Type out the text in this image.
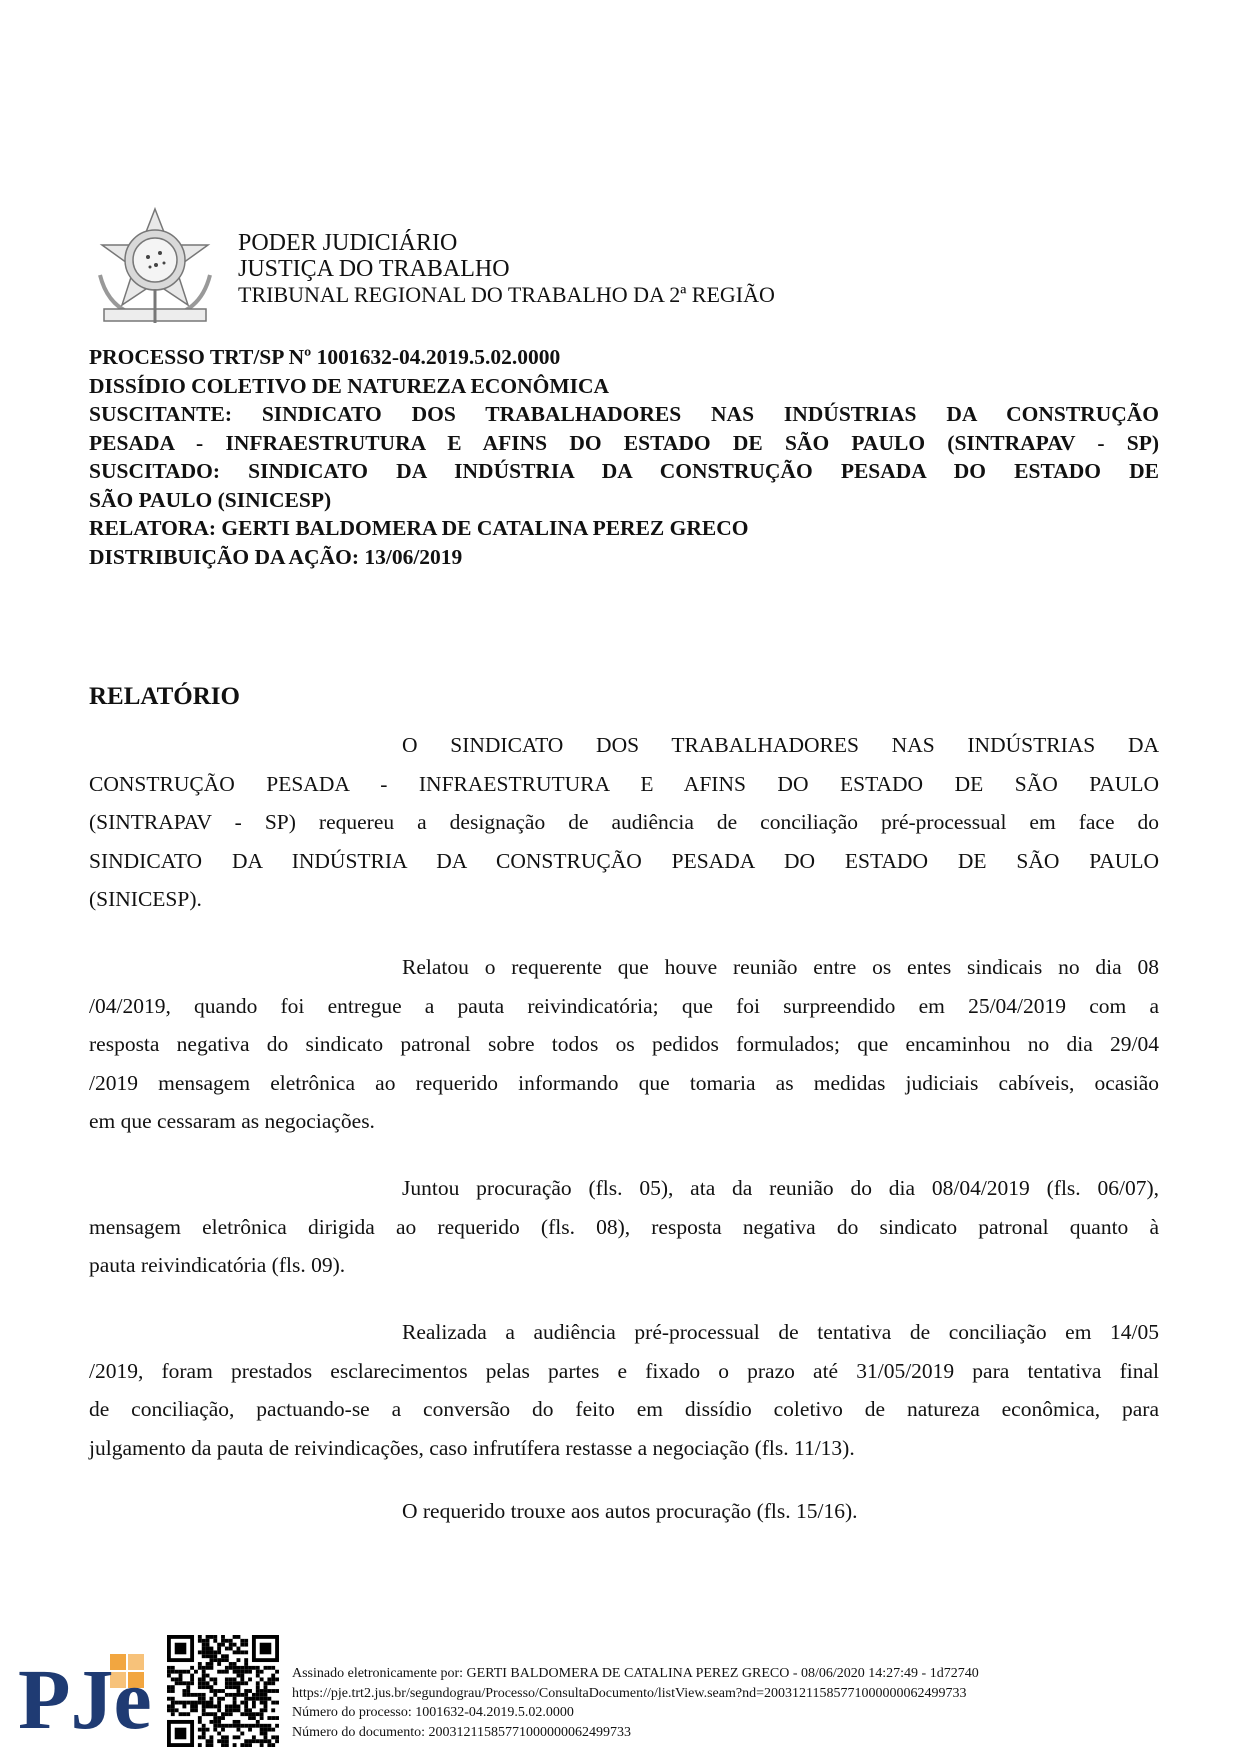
PODER JUDICIÁRIO
JUSTIÇA DO TRABALHO
TRIBUNAL REGIONAL DO TRABALHO DA 2ª REGIÃO
PROCESSO TRT/SP Nº 1001632-04.2019.5.02.0000
DISSÍDIO COLETIVO DE NATUREZA ECONÔMICA
SUSCITANTE: SINDICATO DOS TRABALHADORES NAS INDÚSTRIAS DA CONSTRUÇÃO
PESADA - INFRAESTRUTURA E AFINS DO ESTADO DE SÃO PAULO (SINTRAPAV - SP)
SUSCITADO: SINDICATO DA INDÚSTRIA DA CONSTRUÇÃO PESADA DO ESTADO DE
SÃO PAULO (SINICESP)
RELATORA: GERTI BALDOMERA DE CATALINA PEREZ GRECO
DISTRIBUIÇÃO DA AÇÃO: 13/06/2019
RELATÓRIO
O SINDICATO DOS TRABALHADORES NAS INDÚSTRIAS DA
CONSTRUÇÃO PESADA - INFRAESTRUTURA E AFINS DO ESTADO DE SÃO PAULO
(SINTRAPAV - SP) requereu a designação de audiência de conciliação pré-processual em face do
SINDICATO DA INDÚSTRIA DA CONSTRUÇÃO PESADA DO ESTADO DE SÃO PAULO
(SINICESP).
Relatou o requerente que houve reunião entre os entes sindicais no dia 08
/04/2019, quando foi entregue a pauta reivindicatória; que foi surpreendido em 25/04/2019 com a
resposta negativa do sindicato patronal sobre todos os pedidos formulados; que encaminhou no dia 29/04
/2019 mensagem eletrônica ao requerido informando que tomaria as medidas judiciais cabíveis, ocasião
em que cessaram as negociações.
Juntou procuração (fls. 05), ata da reunião do dia 08/04/2019 (fls. 06/07),
mensagem eletrônica dirigida ao requerido (fls. 08), resposta negativa do sindicato patronal quanto à
pauta reivindicatória (fls. 09).
Realizada a audiência pré-processual de tentativa de conciliação em 14/05
/2019, foram prestados esclarecimentos pelas partes e fixado o prazo até 31/05/2019 para tentativa final
de conciliação, pactuando-se a conversão do feito em dissídio coletivo de natureza econômica, para
julgamento da pauta de reivindicações, caso infrutífera restasse a negociação (fls. 11/13).
O requerido trouxe aos autos procuração (fls. 15/16).
PJe	Assinado eletronicamente por: GERTI BALDOMERA DE CATALINA PEREZ GRECO - 08/06/2020 14:27:49 - 1d72740
https://pje.trt2.jus.br/segundograu/Processo/ConsultaDocumento/listView.seam?nd=20031211585771000000062499733
Número do processo: 1001632-04.2019.5.02.0000
Número do documento: 20031211585771000000062499733
